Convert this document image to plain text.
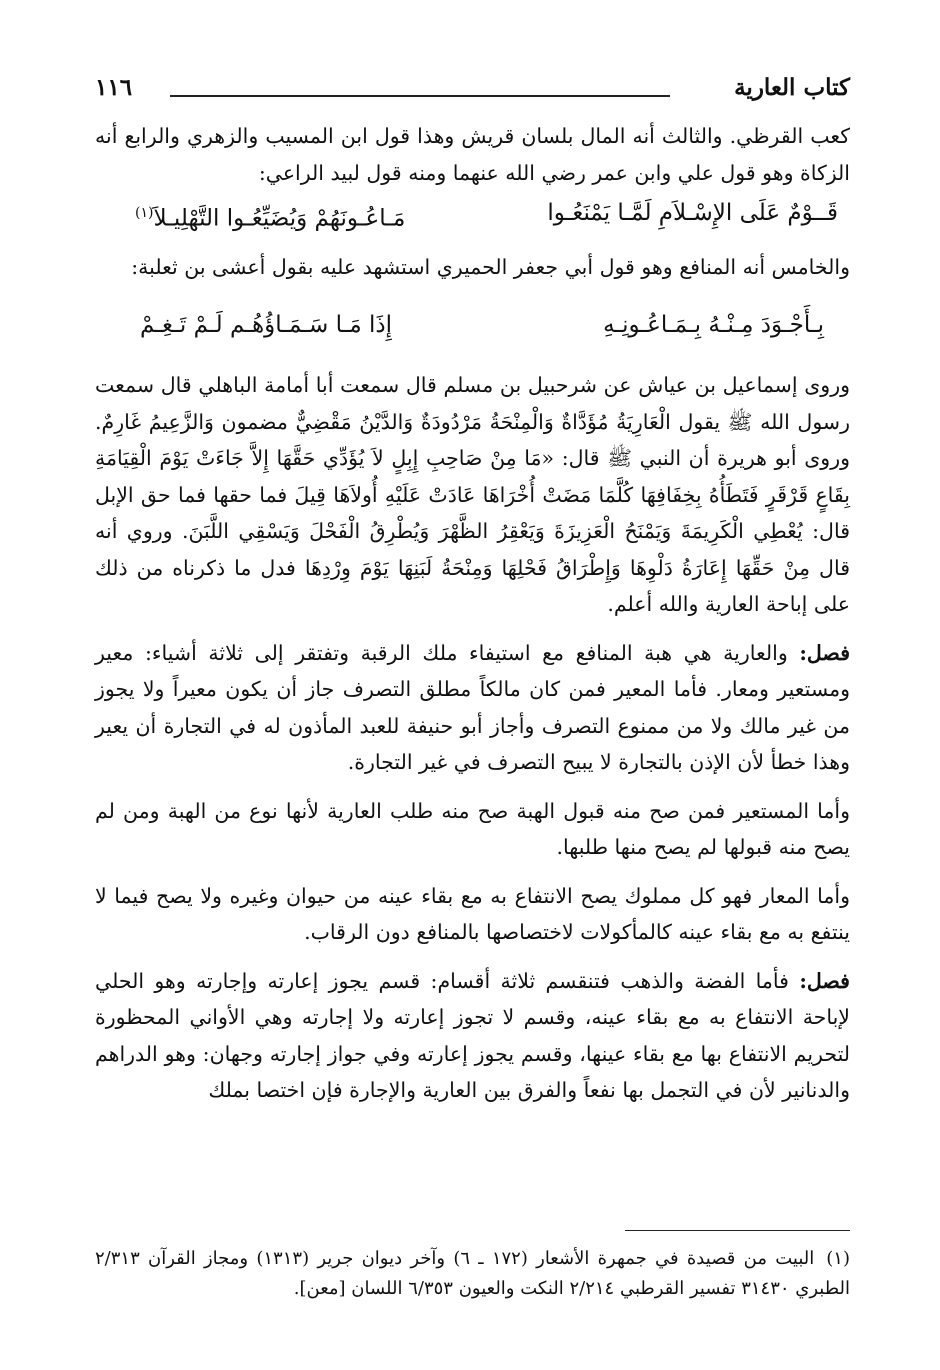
كتاب العارية
١١٦

كعب القرظي. والثالث أنه المال بلسان قريش وهذا قول ابن المسيب والزهري والرابع أنه الزكاة وهو قول علي وابن عمر رضي الله عنهما ومنه قول لبيد الراعي:

قَــوْمٌ عَلَى الإِسْـلاَمِ لَمَّـا يَمْنَعُـوا
مَـاعُـونَهُمْ وَيُضَيِّعُـوا التَّهْلِيـلاَ$^{(١)}$

والخامس أنه المنافع وهو قول أبي جعفر الحميري استشهد عليه بقول أعشى بن ثعلبة:

بِـأَجْـوَدَ مِـنْـهُ بِـمَـاعُـونِـهِ
إِذَا مَـا سَـمَـاؤُهُـم لَـمْ تَـغِـمْ

وروى إسماعيل بن عياش عن شرحبيل بن مسلم قال سمعت أبا أمامة الباهلي قال سمعت رسول الله ﷺ يقول الْعَارِيَةُ مُؤَدَّاةٌ وَالْمِنْحَةُ مَرْدُودَةٌ وَالدَّيْنُ مَقْضِيٌّ مضمون وَالزَّعِيمُ غَارِمٌ. وروى أبو هريرة أن النبي ﷺ قال: «مَا مِنْ صَاحِبِ إِبِلٍ لاَ يُؤَدِّي حَقَّهَا إِلاَّ جَاءَتْ يَوْمَ الْقِيَامَةِ بِقَاعٍ قَرْقَرٍ فَتَطَأُهُ بِخِفَافِهَا كُلَّمَا مَضَتْ أُخْرَاهَا عَادَتْ عَلَيْهِ أُولاَهَا قِيلَ فما حقها فما حق الإبل قال: يُعْطِي الْكَرِيمَةَ وَيَمْنَحُ الْعَزِيزَةَ وَيَعْقِرُ الظَّهْرَ وَيُطْرِقُ الْفَحْلَ وَيَسْقِي اللَّبَنَ. وروي أنه قال مِنْ حَقِّهَا إِعَارَةُ دَلْوِهَا وَإِطْرَاقُ فَحْلِهَا وَمِنْحَةُ لَبَنِهَا يَوْمَ وِرْدِهَا فدل ما ذكرناه من ذلك على إباحة العارية والله أعلم.

فصل: والعارية هي هبة المنافع مع استيفاء ملك الرقبة وتفتقر إلى ثلاثة أشياء: معير ومستعير ومعار. فأما المعير فمن كان مالكاً مطلق التصرف جاز أن يكون معيراً ولا يجوز من غير مالك ولا من ممنوع التصرف وأجاز أبو حنيفة للعبد المأذون له في التجارة أن يعير وهذا خطأ لأن الإذن بالتجارة لا يبيح التصرف في غير التجارة.

وأما المستعير فمن صح منه قبول الهبة صح منه طلب العارية لأنها نوع من الهبة ومن لم يصح منه قبولها لم يصح منها طلبها.

وأما المعار فهو كل مملوك يصح الانتفاع به مع بقاء عينه من حيوان وغيره ولا يصح فيما لا ينتفع به مع بقاء عينه كالمأكولات لاختصاصها بالمنافع دون الرقاب.

فصل: فأما الفضة والذهب فتنقسم ثلاثة أقسام: قسم يجوز إعارته وإجارته وهو الحلي لإباحة الانتفاع به مع بقاء عينه، وقسم لا تجوز إعارته ولا إجارته وهي الأواني المحظورة لتحريم الانتفاع بها مع بقاء عينها، وقسم يجوز إعارته وفي جواز إجارته وجهان: وهو الدراهم والدنانير لأن في التجمل بها نفعاً والفرق بين العارية والإجارة فإن اختصا بملك

(١)البيت من قصيدة في جمهرة الأشعار (١٧٢ ـ ٦) وآخر ديوان جرير (١٣١٣) ومجاز القرآن ٢/٣١٣ الطبري ٣١٤٣٠ تفسير القرطبي ٢/٢١٤ النكت والعيون ٦/٣٥٣ اللسان [معن].
